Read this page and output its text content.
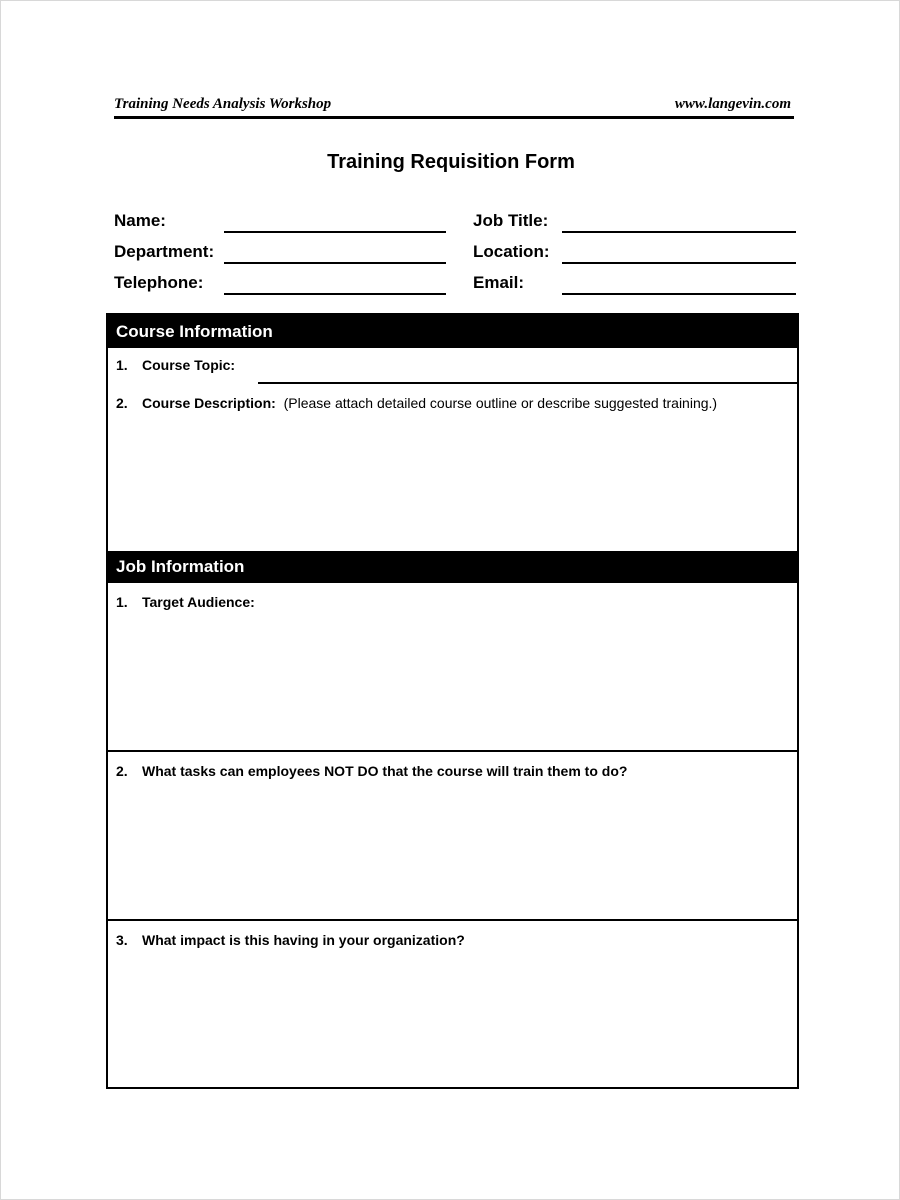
Training Needs Analysis Workshop	www.langevin.com
Training Requisition Form
Name:
Department:
Telephone:
Job Title:
Location:
Email:
Course Information
1. Course Topic:
2. Course Description: (Please attach detailed course outline or describe suggested training.)
Job Information
1. Target Audience:
2. What tasks can employees NOT DO that the course will train them to do?
3. What impact is this having in your organization?
